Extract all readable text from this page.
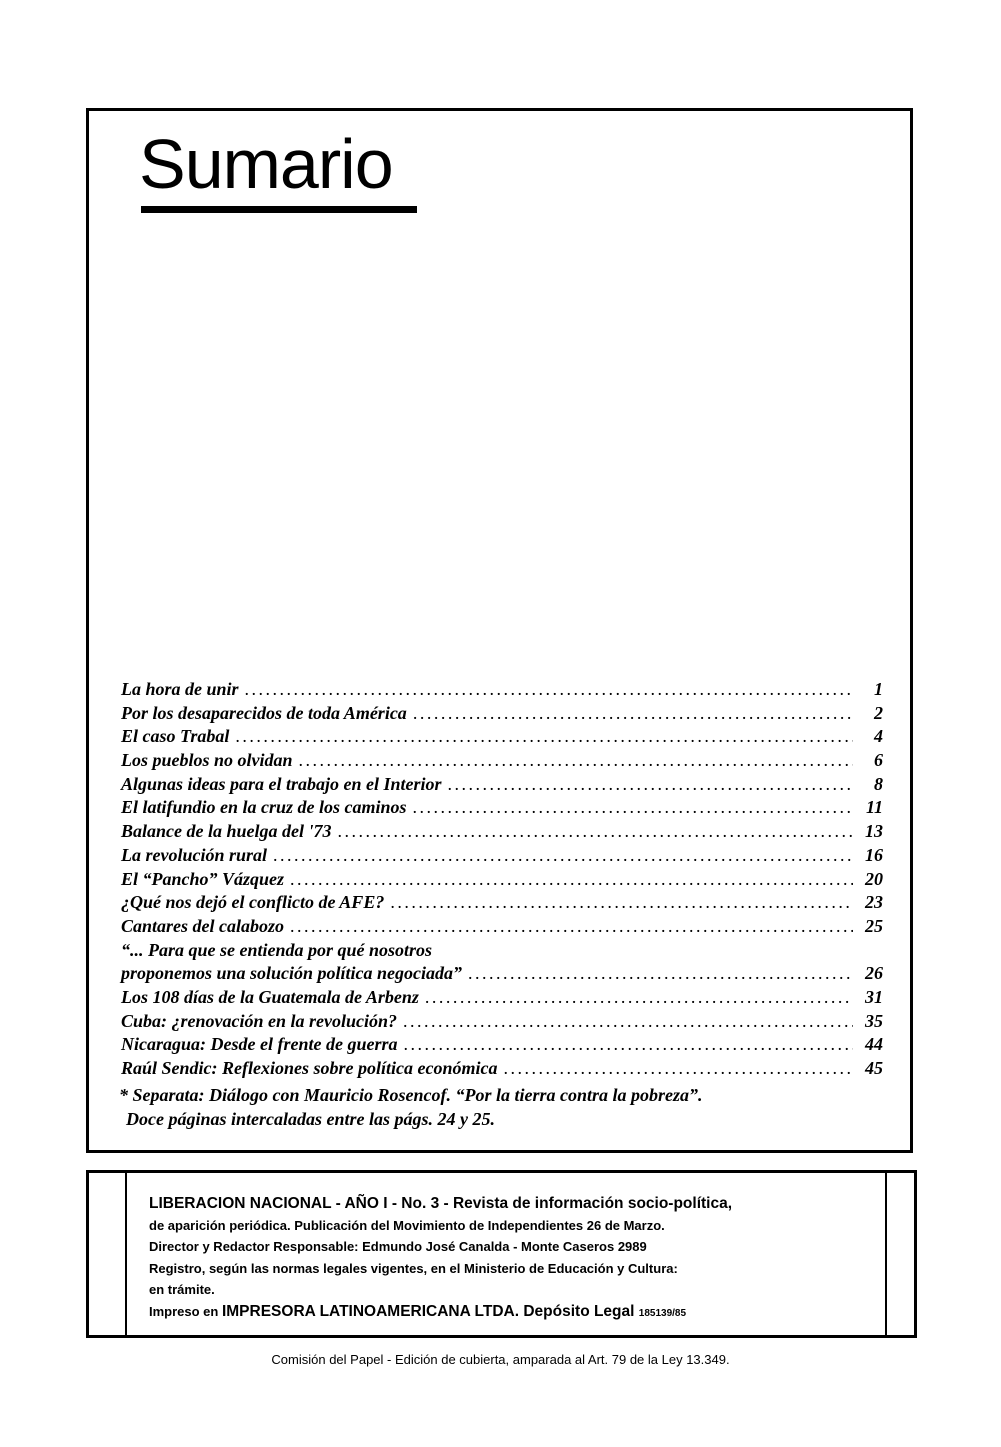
Sumario
La hora de unir . . .	1
Por los desaparecidos de toda América . . .	2
El caso Trabal . . .	4
Los pueblos no olvidan . . .	6
Algunas ideas para el trabajo en el Interior . . .	8
El latifundio en la cruz de los caminos . . .	11
Balance de la huelga del '73 . . .	13
La revolución rural . . .	16
El “Pancho” Vázquez . . .	20
¿Qué nos dejó el conflicto de AFE? . . .	23
Cantares del calabozo . . .	25
“... Para que se entienda por qué nosotros
proponemos una solución política negociada” . . .	26
Los 108 días de la Guatemala de Arbenz . . .	31
Cuba: ¿renovación en la revolución? . . .	35
Nicaragua: Desde el frente de guerra . . .	44
Raúl Sendic: Reflexiones sobre política económica . . .	45
* Separata: Diálogo con Mauricio Rosencof. “Por la tierra contra la pobreza”.
Doce páginas intercaladas entre las págs. 24 y 25.
LIBERACION NACIONAL - AÑO I - No. 3 - Revista de información socio-política,
de aparición periódica. Publicación del Movimiento de Independientes 26 de Marzo.
Director y Redactor Responsable: Edmundo José Canalda - Monte Caseros 2989
Registro, según las normas legales vigentes, en el Ministerio de Educación y Cultura:
en trámite.
Impreso en IMPRESORA LATINOAMERICANA LTDA. Depósito Legal 185139/85
Comisión del Papel - Edición de cubierta, amparada al Art. 79 de la Ley 13.349.
